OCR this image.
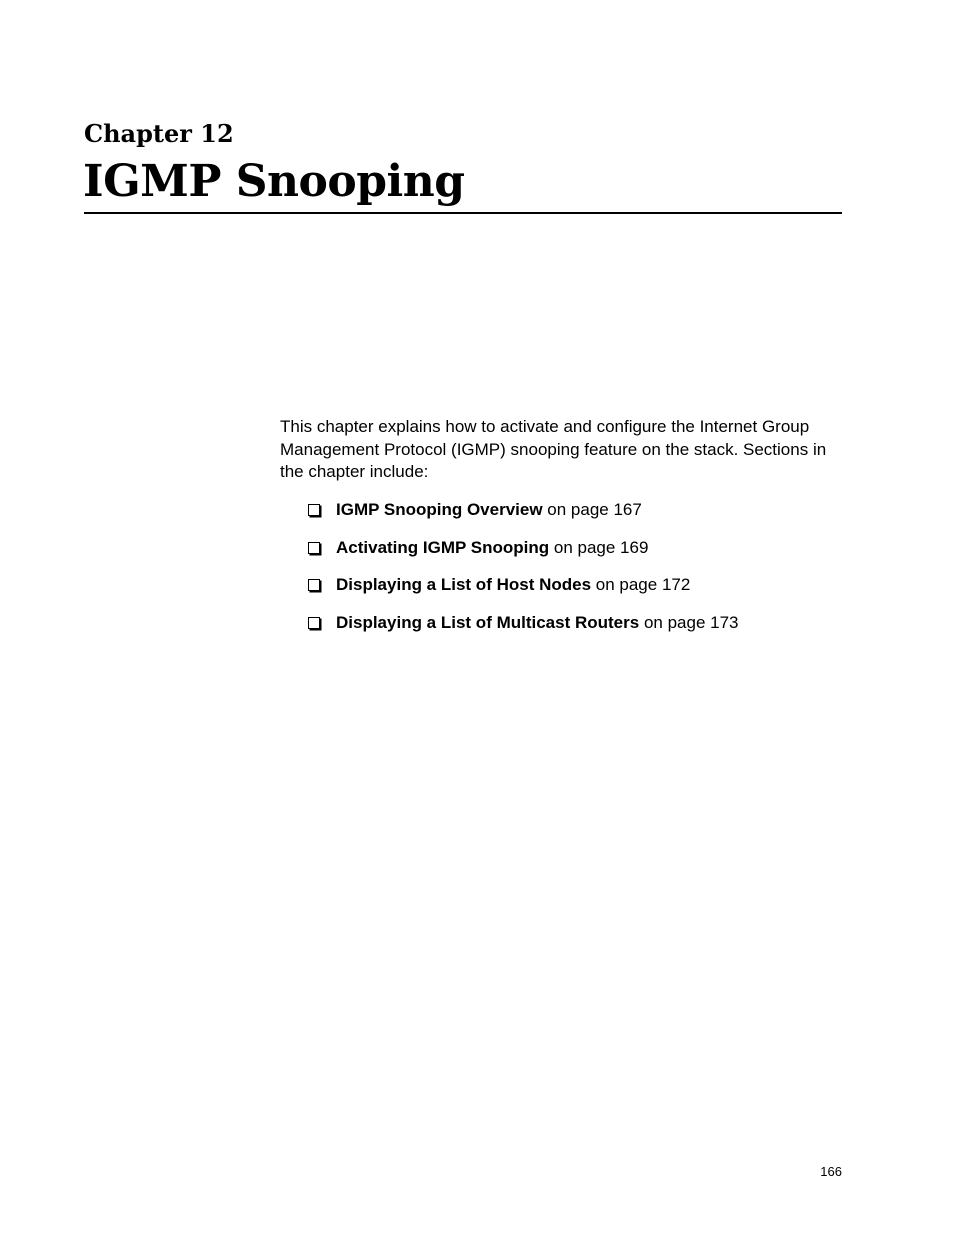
Chapter 12
IGMP Snooping

This chapter explains how to activate and configure the Internet Group Management Protocol (IGMP) snooping feature on the stack. Sections in the chapter include:

IGMP Snooping Overview on page 167
Activating IGMP Snooping on page 169
Displaying a List of Host Nodes on page 172
Displaying a List of Multicast Routers on page 173
166
